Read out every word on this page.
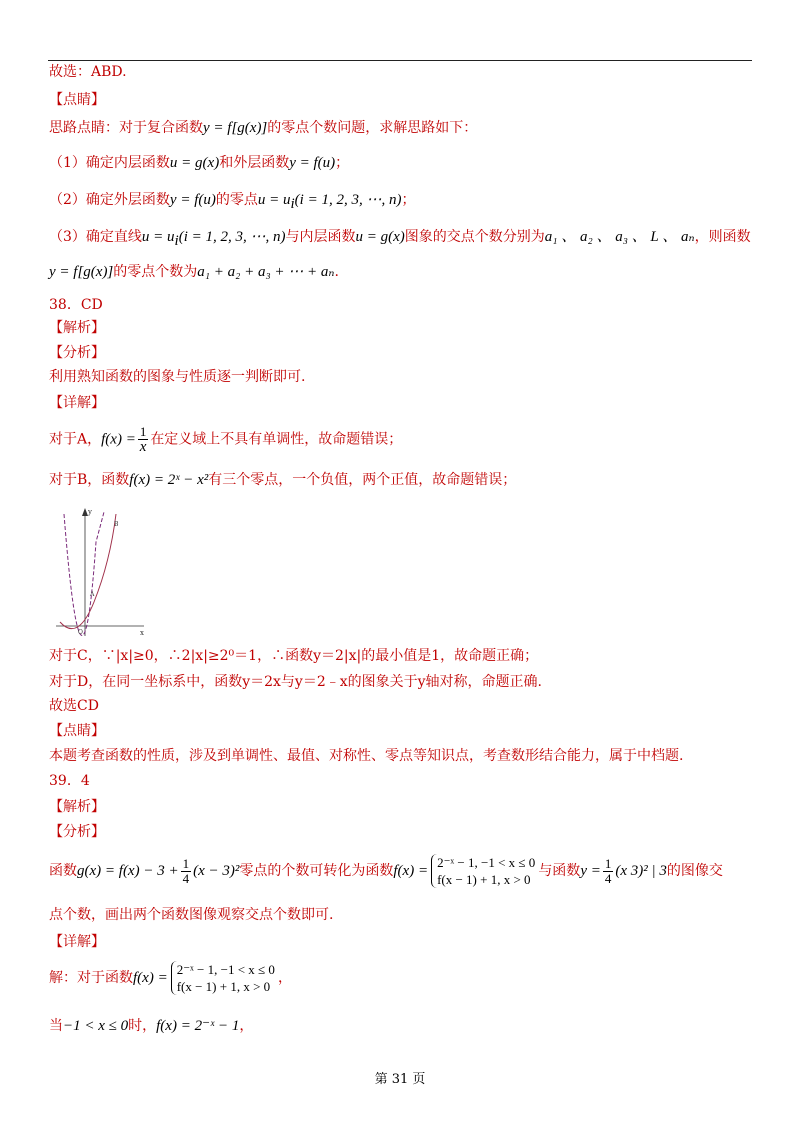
故选：ABD.
【点睛】
思路点睛：对于复合函数y = f[g(x)]的零点个数问题，求解思路如下：
（1）确定内层函数u = g(x)和外层函数y = f(u)；
（2）确定外层函数y = f(u)的零点$u = u_i(i = 1$, 2, 3, ⋯, n)；
（3）确定直线$u = u_i(i = 1$, 2, 3, ⋯, n)与内层函数u = g(x)图象的交点个数分别为a₁ 、 a₂ 、 a₃ 、 L 、 aₙ，则函数
y = f[g(x)]的零点个数为a₁ + a₂ + a₃ + ⋯ + aₙ.
38．CD
【解析】
【分析】
利用熟知函数的图象与性质逐一判断即可.
【详解】
对于A，$f(x) = \frac{1}{x}$ 在定义域上不具有单调性，故命题错误；
对于B，函数f(x) = 2ˣ − x²有三个零点，一个负值，两个正值，故命题错误；
y
x
O
A
B
对于C，∵|x|≥0，∴2|x|≥2⁰＝1，∴函数y＝2|x|的最小值是1，故命题正确；
对于D，在同一坐标系中，函数y＝2x与y＝2﹣x的图象关于y轴对称，命题正确.
故选CD
【点睛】
本题考查函数的性质，涉及到单调性、最值、对称性、零点等知识点，考查数形结合能力，属于中档题.
39．4
【解析】
【分析】
函数$g(x) = f(x) - 3 + \frac{1}{4} (x - 3)^2$零点的个数可转化为函数f(x) =
2⁻ˣ − 1, −1 < x ≤ 0
f(x − 1) + 1, x > 0
与函数$y = \frac{1}{4} (x$ 3)² | 3的图像交
点个数，画出两个函数图像观察交点个数即可.
【详解】
解：对于函数f(x) =
2⁻ˣ − 1, −1 < x ≤ 0
f(x − 1) + 1, x > 0
，
当−1 < x ≤ 0时，f(x) = 2⁻ˣ − 1，
第 31 页
